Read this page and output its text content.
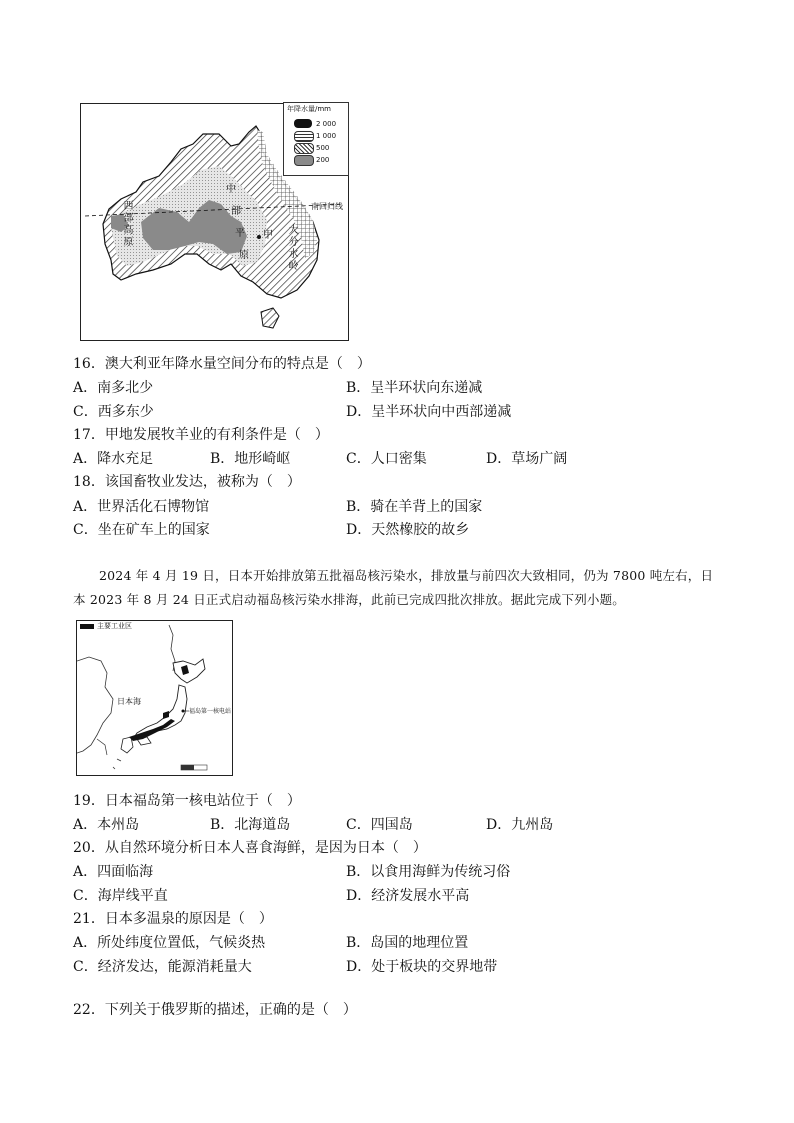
年降水量/mm
2 000
1 000
500
200
西部高原
中
部
平
原
甲
南回归线
大分水岭
16．澳大利亚年降水量空间分布的特点是（　）
A．南多北少	B．呈半环状向东递减
C．西多东少	D．呈半环状向中西部递减
17．甲地发展牧羊业的有利条件是（　）
A．降水充足	B．地形崎岖	C．人口密集	D．草场广阔
18．该国畜牧业发达，被称为（　）
A．世界活化石博物馆	B．骑在羊背上的国家
C．坐在矿车上的国家	D．天然橡胶的故乡
2024 年 4 月 19 日，日本开始排放第五批福岛核污染水，排放量与前四次大致相同，仍为 7800 吨左右，日本 2023 年 8 月 24 日正式启动福岛核污染水排海，此前已完成四批次排放。据此完成下列小题。
主要工业区
日本海
福岛第一核电站
19．日本福岛第一核电站位于（　）
A．本州岛	B．北海道岛	C．四国岛	D．九州岛
20．从自然环境分析日本人喜食海鲜，是因为日本（　）
A．四面临海	B．以食用海鲜为传统习俗
C．海岸线平直	D．经济发展水平高
21．日本多温泉的原因是（　）
A．所处纬度位置低，气候炎热	B．岛国的地理位置
C．经济发达，能源消耗量大	D．处于板块的交界地带
22．下列关于俄罗斯的描述，正确的是（　）
